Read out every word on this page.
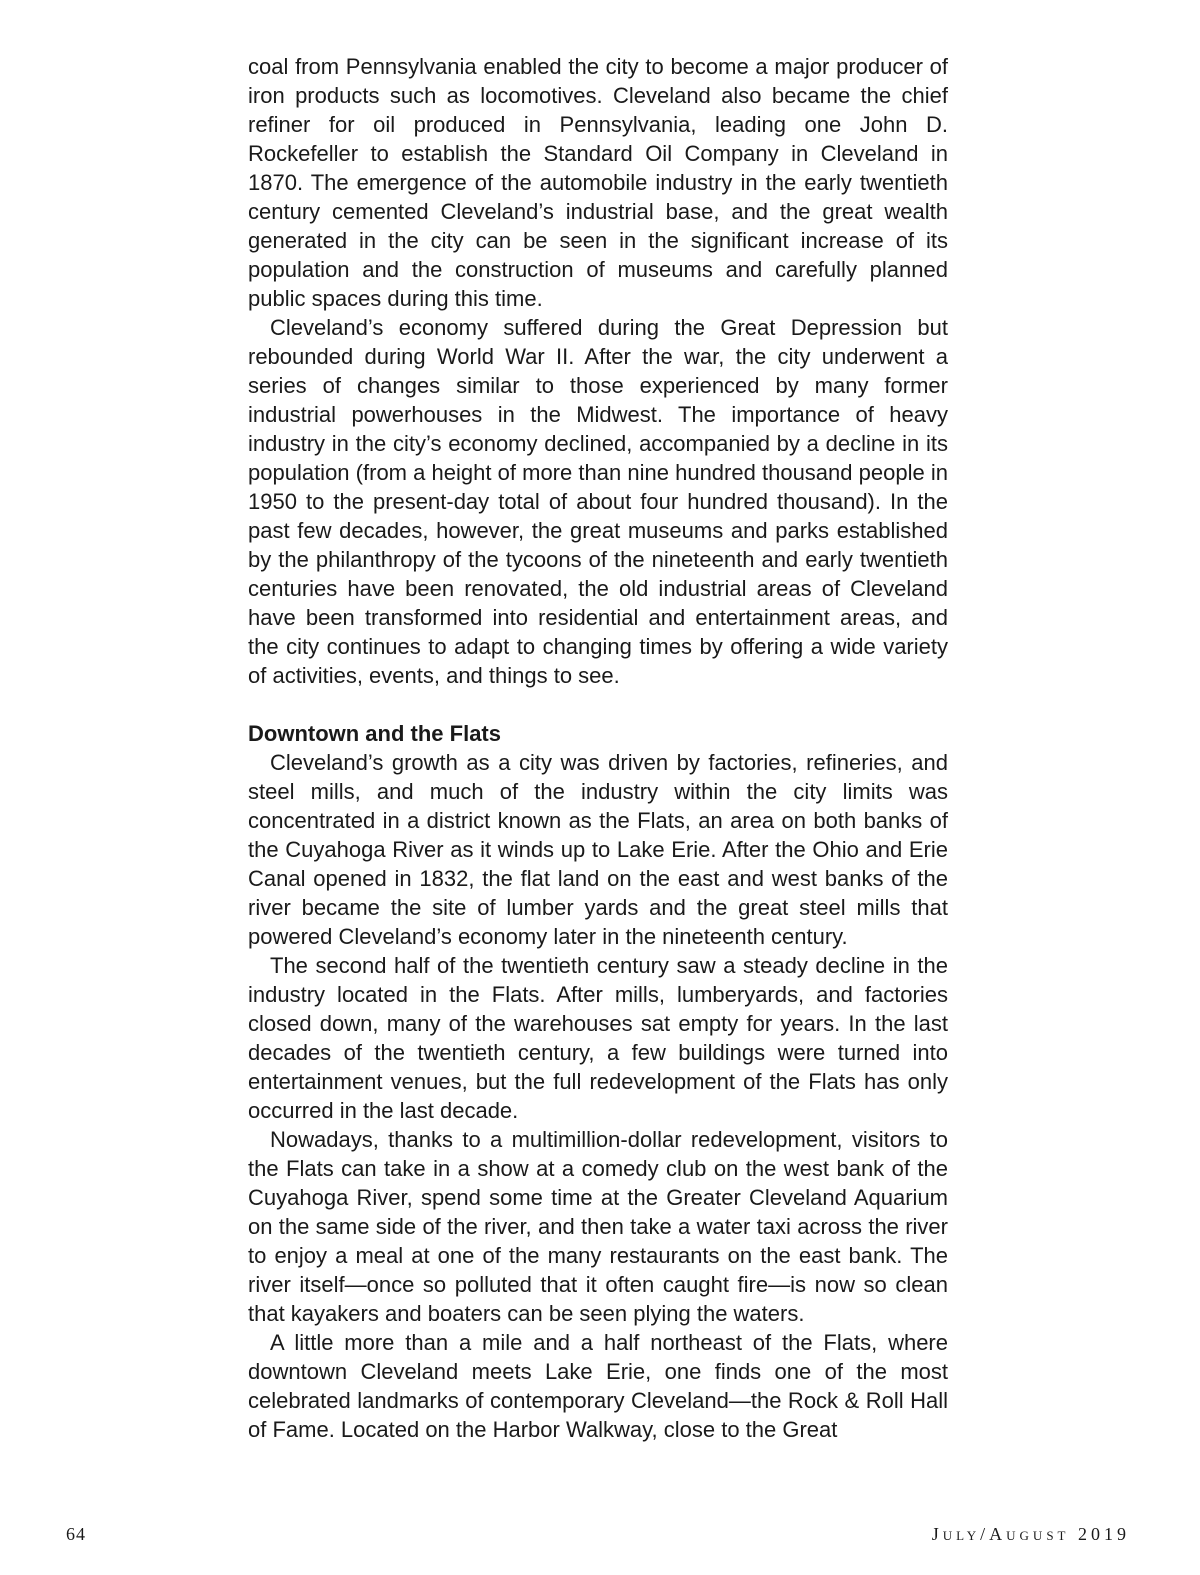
coal from Pennsylvania enabled the city to become a major producer of iron products such as locomotives. Cleveland also became the chief refiner for oil produced in Pennsylvania, leading one John D. Rockefeller to establish the Standard Oil Company in Cleveland in 1870. The emergence of the automobile industry in the early twentieth century cemented Cleveland’s industrial base, and the great wealth generated in the city can be seen in the significant increase of its population and the construction of museums and carefully planned public spaces during this time.

Cleveland’s economy suffered during the Great Depression but rebounded during World War II. After the war, the city underwent a series of changes similar to those experienced by many former industrial powerhouses in the Midwest. The importance of heavy industry in the city’s economy declined, accompanied by a decline in its population (from a height of more than nine hundred thousand people in 1950 to the present-day total of about four hundred thousand). In the past few decades, however, the great museums and parks established by the philanthropy of the tycoons of the nineteenth and early twentieth centuries have been renovated, the old industrial areas of Cleveland have been transformed into residential and entertainment areas, and the city continues to adapt to changing times by offering a wide variety of activities, events, and things to see.

Downtown and the Flats

Cleveland’s growth as a city was driven by factories, refineries, and steel mills, and much of the industry within the city limits was concentrated in a district known as the Flats, an area on both banks of the Cuyahoga River as it winds up to Lake Erie. After the Ohio and Erie Canal opened in 1832, the flat land on the east and west banks of the river became the site of lumber yards and the great steel mills that powered Cleveland’s economy later in the nineteenth century.

The second half of the twentieth century saw a steady decline in the industry located in the Flats. After mills, lumberyards, and factories closed down, many of the warehouses sat empty for years. In the last decades of the twentieth century, a few buildings were turned into entertainment venues, but the full redevelopment of the Flats has only occurred in the last decade.

Nowadays, thanks to a multimillion-dollar redevelopment, visitors to the Flats can take in a show at a comedy club on the west bank of the Cuyahoga River, spend some time at the Greater Cleveland Aquarium on the same side of the river, and then take a water taxi across the river to enjoy a meal at one of the many restaurants on the east bank. The river itself—once so polluted that it often caught fire—is now so clean that kayakers and boaters can be seen plying the waters.

A little more than a mile and a half northeast of the Flats, where downtown Cleveland meets Lake Erie, one finds one of the most celebrated landmarks of contemporary Cleveland—the Rock & Roll Hall of Fame. Located on the Harbor Walkway, close to the Great

64	July/August 2019
